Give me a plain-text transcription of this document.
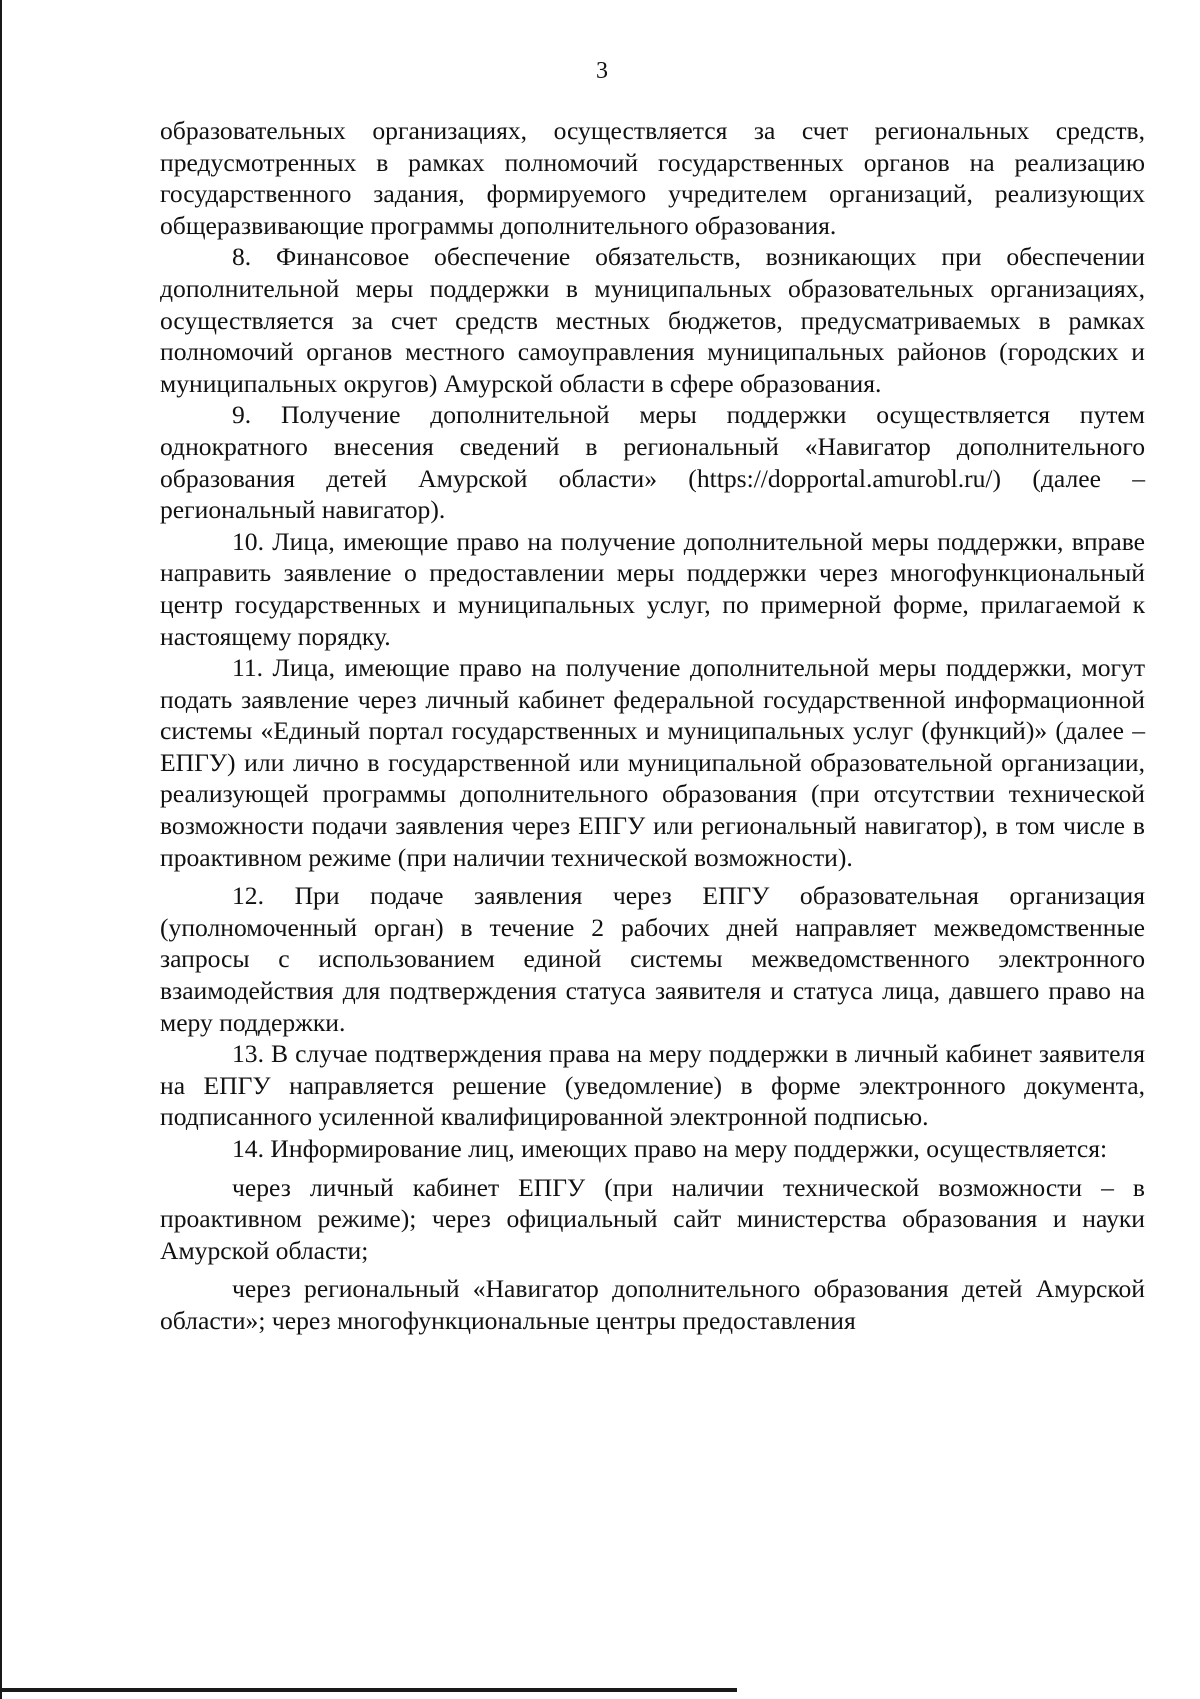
3

образовательных организациях, осуществляется за счет региональных средств, предусмотренных в рамках полномочий государственных органов на реализацию государственного задания, формируемого учредителем организаций, реализующих общеразвивающие программы дополнительного образования.

8. Финансовое обеспечение обязательств, возникающих при обеспечении дополнительной меры поддержки в муниципальных образовательных организациях, осуществляется за счет средств местных бюджетов, предусматриваемых в рамках полномочий органов местного самоуправления муниципальных районов (городских и муниципальных округов) Амурской области в сфере образования.

9. Получение дополнительной меры поддержки осуществляется путем однократного внесения сведений в региональный «Навигатор дополнительного образования детей Амурской области» (https://dopportal.amurobl.ru/) (далее – региональный навигатор).

10. Лица, имеющие право на получение дополнительной меры поддержки, вправе направить заявление о предоставлении меры поддержки через многофункциональный центр государственных и муниципальных услуг, по примерной форме, прилагаемой к настоящему порядку.

11. Лица, имеющие право на получение дополнительной меры поддержки, могут подать заявление через личный кабинет федеральной государственной информационной системы «Единый портал государственных и муниципальных услуг (функций)» (далее – ЕПГУ) или лично в государственной или муниципальной образовательной организации, реализующей программы дополнительного образования (при отсутствии технической возможности подачи заявления через ЕПГУ или региональный навигатор), в том числе в проактивном режиме (при наличии технической возможности).

12. При подаче заявления через ЕПГУ образовательная организация (уполномоченный орган) в течение 2 рабочих дней направляет межведомственные запросы с использованием единой системы межведомственного электронного взаимодействия для подтверждения статуса заявителя и статуса лица, давшего право на меру поддержки.

13. В случае подтверждения права на меру поддержки в личный кабинет заявителя на ЕПГУ направляется решение (уведомление) в форме электронного документа, подписанного усиленной квалифицированной электронной подписью.

14. Информирование лиц, имеющих право на меру поддержки, осуществляется:

через личный кабинет ЕПГУ (при наличии технической возможности – в проактивном режиме); через официальный сайт министерства образования и науки Амурской области;

через региональный «Навигатор дополнительного образования детей Амурской области»; через многофункциональные центры предоставления
